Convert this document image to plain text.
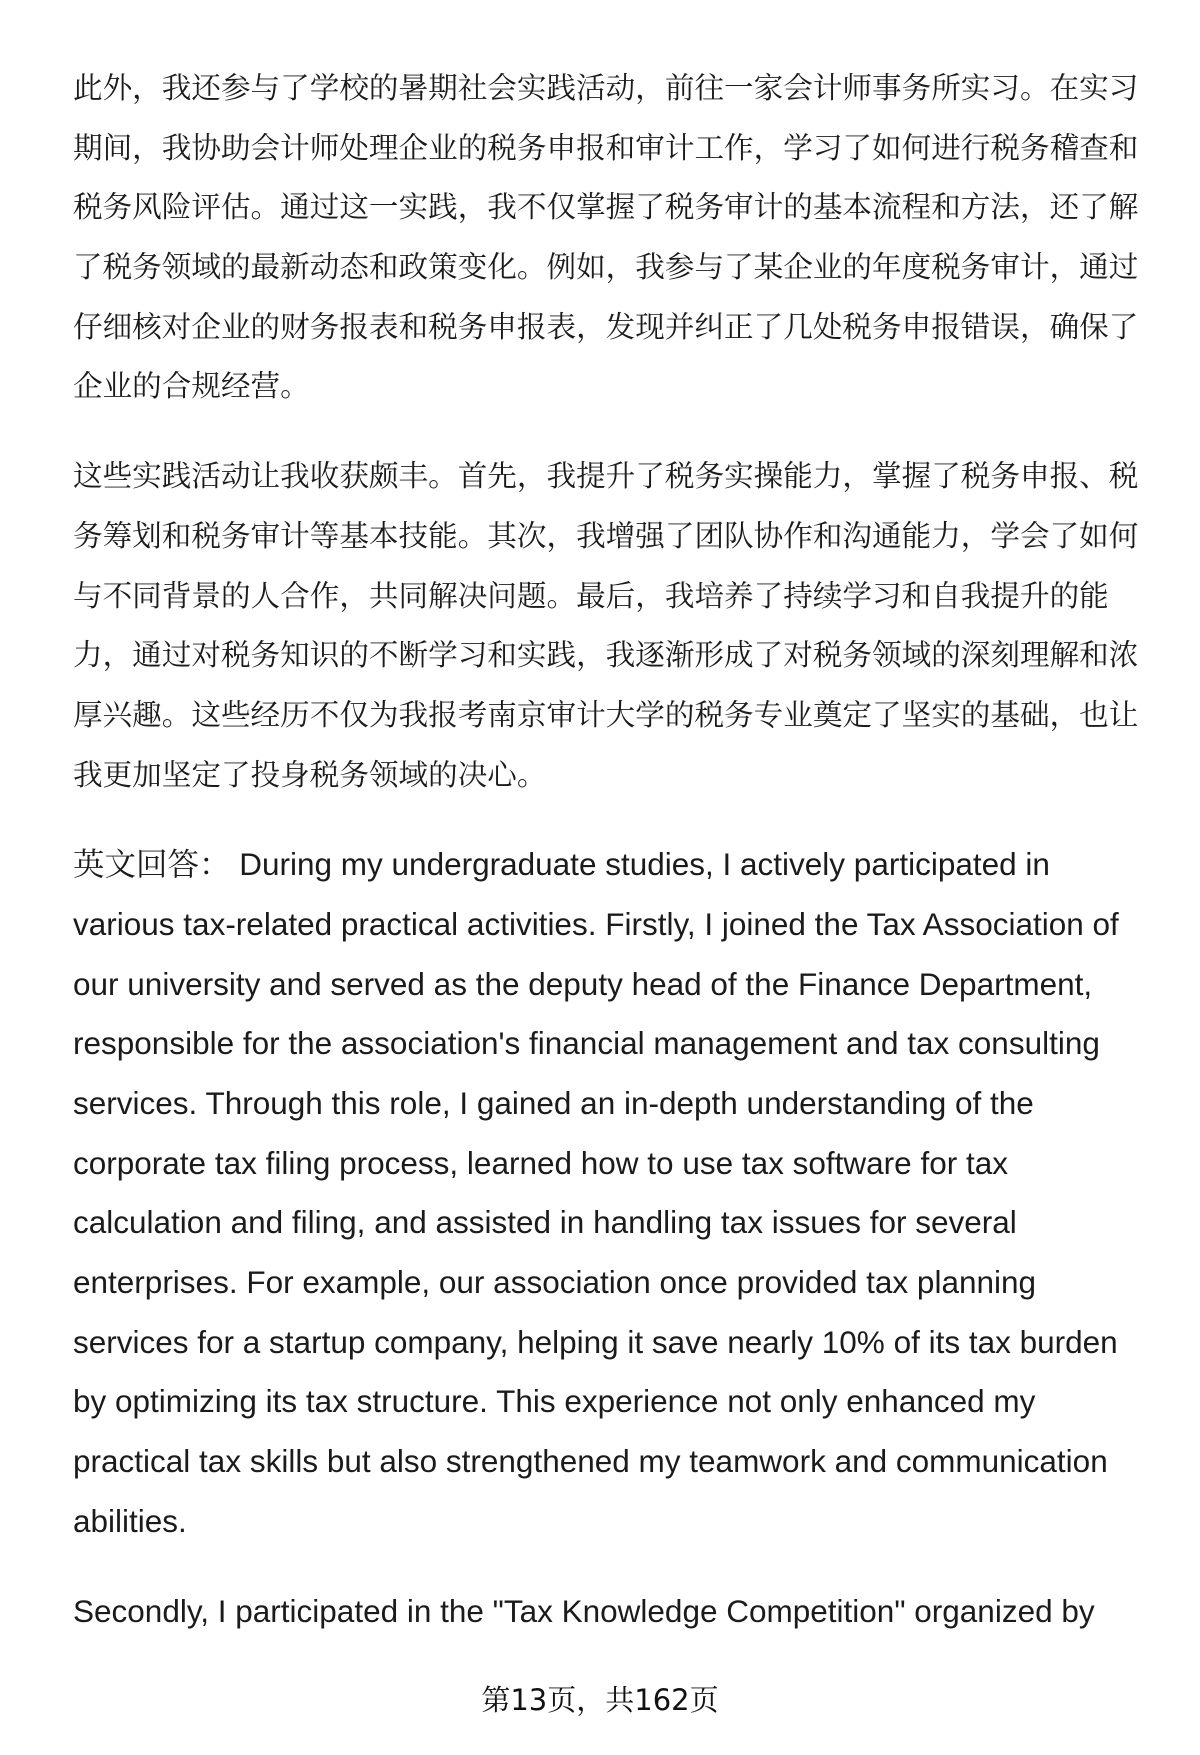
此外，我还参与了学校的暑期社会实践活动，前往一家会计师事务所实习。在实习
期间，我协助会计师处理企业的税务申报和审计工作，学习了如何进行税务稽查和
税务风险评估。通过这一实践，我不仅掌握了税务审计的基本流程和方法，还了解
了税务领域的最新动态和政策变化。例如，我参与了某企业的年度税务审计，通过
仔细核对企业的财务报表和税务申报表，发现并纠正了几处税务申报错误，确保了
企业的合规经营。
这些实践活动让我收获颇丰。首先，我提升了税务实操能力，掌握了税务申报、税
务筹划和税务审计等基本技能。其次，我增强了团队协作和沟通能力，学会了如何
与不同背景的人合作，共同解决问题。最后，我培养了持续学习和自我提升的能
力，通过对税务知识的不断学习和实践，我逐渐形成了对税务领域的深刻理解和浓
厚兴趣。这些经历不仅为我报考南京审计大学的税务专业奠定了坚实的基础，也让
我更加坚定了投身税务领域的决心。
英文回答： During my undergraduate studies, I actively participated in
various tax-related practical activities. Firstly, I joined the Tax Association of
our university and served as the deputy head of the Finance Department,
responsible for the association's financial management and tax consulting
services. Through this role, I gained an in-depth understanding of the
corporate tax filing process, learned how to use tax software for tax
calculation and filing, and assisted in handling tax issues for several
enterprises. For example, our association once provided tax planning
services for a startup company, helping it save nearly 10% of its tax burden
by optimizing its tax structure. This experience not only enhanced my
practical tax skills but also strengthened my teamwork and communication
abilities.
Secondly, I participated in the "Tax Knowledge Competition" organized by
第13页，共162页
